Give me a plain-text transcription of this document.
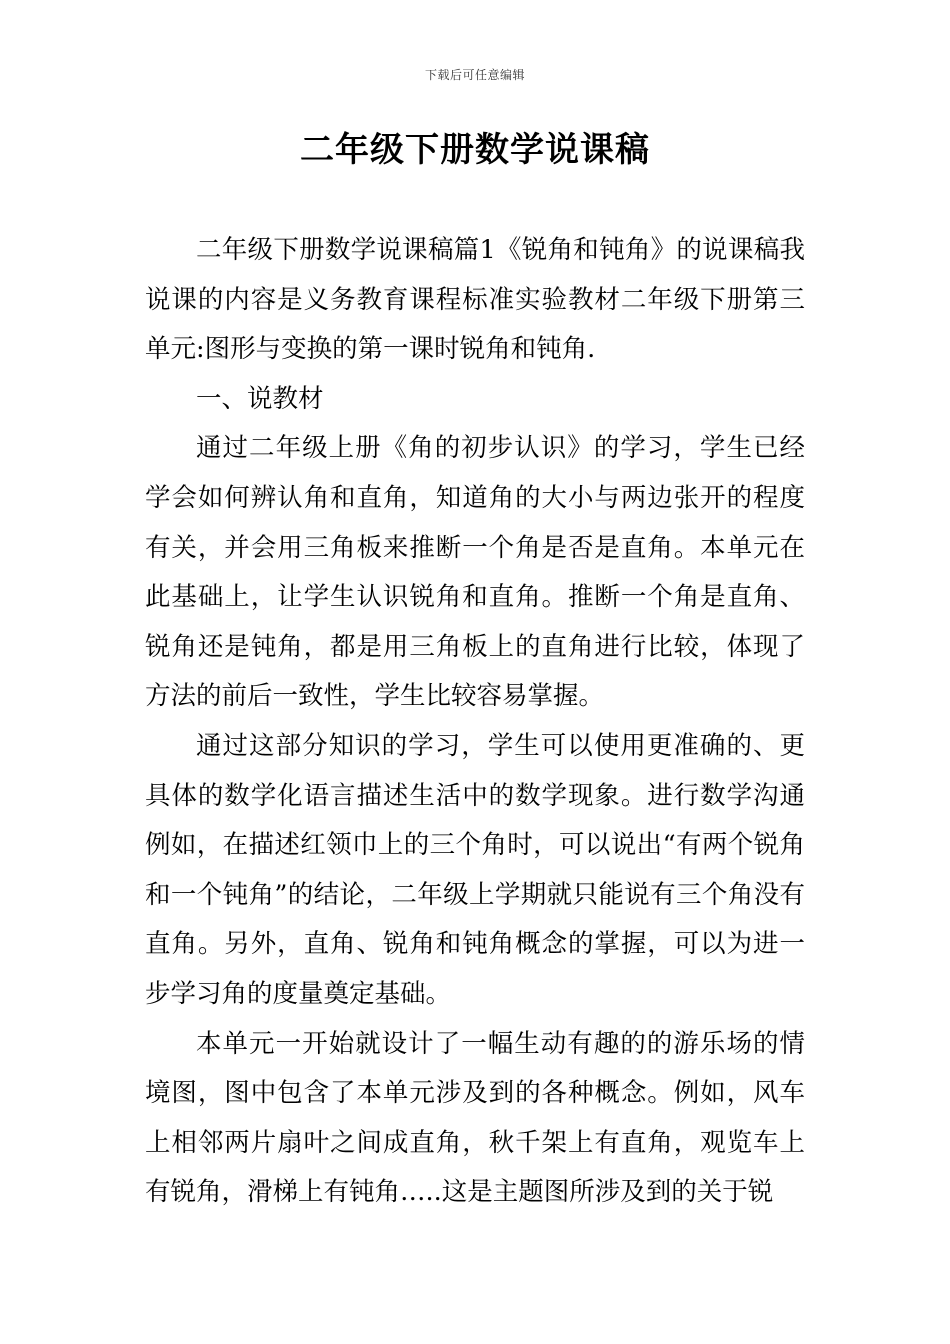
下载后可任意编辑
二年级下册数学说课稿

二年级下册数学说课稿篇1《锐角和钝角》的说课稿我说课的内容是义务教育课程标准实验教材二年级下册第三单元:图形与变换的第一课时锐角和钝角.

一、说教材

通过二年级上册《角的初步认识》的学习，学生已经学会如何辨认角和直角，知道角的大小与两边张开的程度有关，并会用三角板来推断一个角是否是直角。本单元在此基础上，让学生认识锐角和直角。推断一个角是直角、锐角还是钝角，都是用三角板上的直角进行比较，体现了方法的前后一致性，学生比较容易掌握。

通过这部分知识的学习，学生可以使用更准确的、更具体的数学化语言描述生活中的数学现象。进行数学沟通例如，在描述红领巾上的三个角时，可以说出“有两个锐角和一个钝角”的结论，二年级上学期就只能说有三个角没有直角。另外，直角、锐角和钝角概念的掌握，可以为进一步学习角的度量奠定基础。

本单元一开始就设计了一幅生动有趣的的游乐场的情境图，图中包含了本单元涉及到的各种概念。例如，风车上相邻两片扇叶之间成直角，秋千架上有直角，观览车上有锐角，滑梯上有钝角…..这是主题图所涉及到的关于锐
